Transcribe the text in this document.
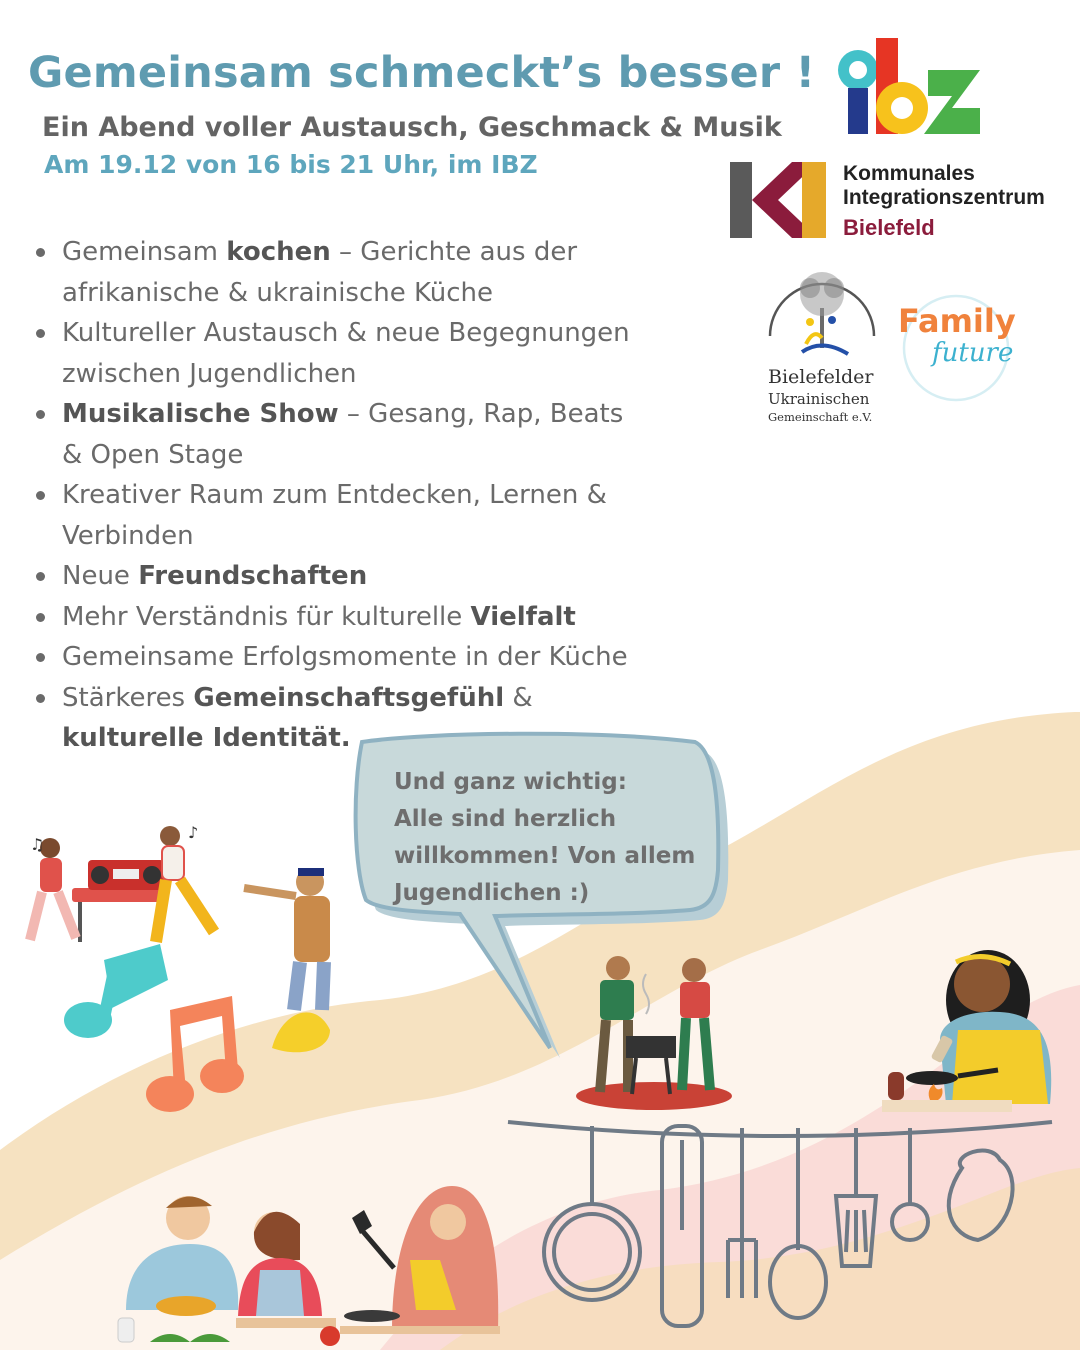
Gemeinsam schmeckt’s besser !
Ein Abend voller Austausch, Geschmack & Musik
Am 19.12 von 16 bis 21 Uhr, im IBZ
Gemeinsam kochen – Gerichte aus der afrikanische & ukrainische Küche
Kultureller Austausch & neue Begegnungen zwischen Jugendlichen
Musikalische Show – Gesang, Rap, Beats & Open Stage
Kreativer Raum zum Entdecken, Lernen & Verbinden
Neue Freundschaften
Mehr Verständnis für kulturelle Vielfalt
Gemeinsame Erfolgsmomente in der Küche
Stärkeres Gemeinschaftsgefühl & kulturelle Identität.
Und ganz wichtig:
Alle sind herzlich
willkommen! Von allem
Jugendlichen :)
Kommunales
Integrationszentrum
Bielefeld
Bielefelder
Ukrainischen
Gemeinschaft e.V.
Family
future
♫
♪
